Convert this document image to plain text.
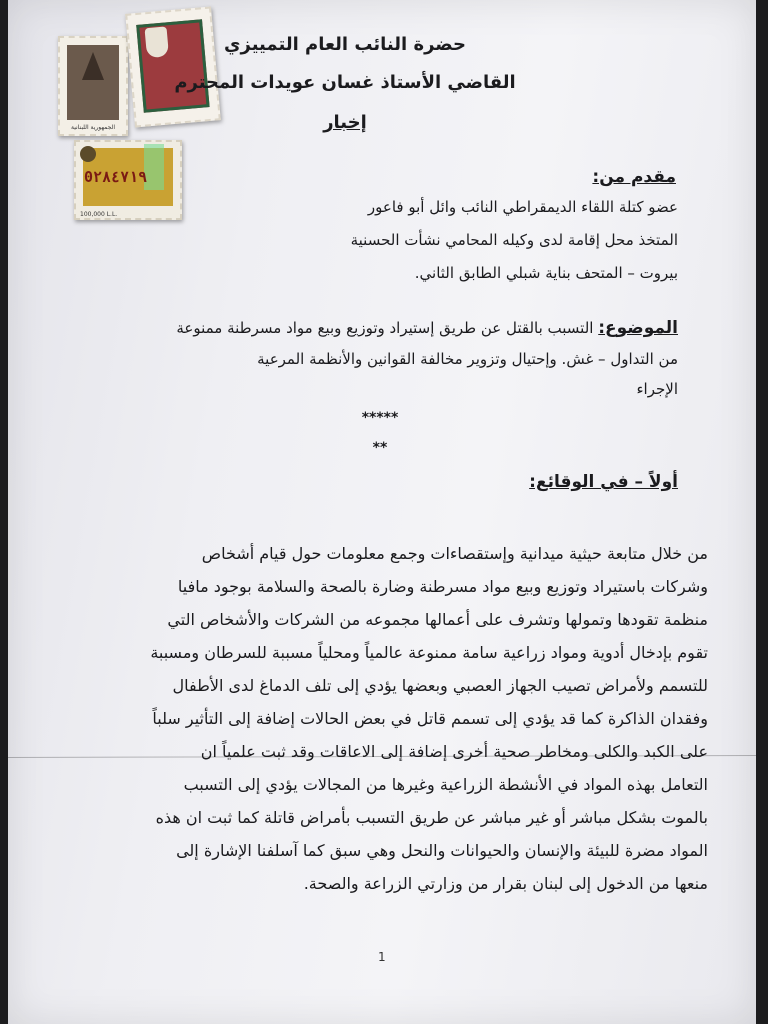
الجمهورية اللبنانية
0٢٨٤٧١٩
100,000 L.L.
حضرة النائب العام التمييزي
القاضي الأستاذ غسان عويدات المحترم
إخبار
مقدم من:
عضو كتلة اللقاء الديمقراطي النائب وائل أبو فاعور
المتخذ محل إقامة لدى وكيله المحامي نشأت الحسنية
بيروت – المتحف بناية شبلي الطابق الثاني.
الموضوع: التسبب بالقتل عن طريق إستيراد وتوزيع وبيع مواد مسرطنة ممنوعة
من التداول – غش. وإحتيال وتزوير مخالفة القوانين والأنظمة المرعية
الإجراء
*****
**
أولاً – في الوقائع:
من خلال متابعة حيثية ميدانية وإستقصاءات وجمع معلومات حول قيام أشخاص
وشركات باستيراد وتوزيع وبيع مواد مسرطنة وضارة بالصحة والسلامة بوجود مافيا
منظمة تقودها وتمولها وتشرف على أعمالها مجموعه من الشركات والأشخاص التي
تقوم بإدخال أدوية ومواد زراعية سامة ممنوعة عالمياً ومحلياً مسببة للسرطان ومسببة
للتسمم ولأمراض تصيب الجهاز العصبي وبعضها يؤدي إلى تلف الدماغ لدى الأطفال
وفقدان الذاكرة كما قد يؤدي إلى تسمم قاتل في بعض الحالات إضافة إلى التأثير سلباً
على الكبد والكلى ومخاطر صحية أخرى إضافة إلى الاعاقات وقد ثبت علمياً ان
التعامل بهذه المواد في الأنشطة الزراعية وغيرها من المجالات يؤدي إلى التسبب
بالموت بشكل مباشر أو غير مباشر عن طريق التسبب بأمراض قاتلة كما ثبت ان هذه
المواد مضرة للبيئة والإنسان والحيوانات والنحل وهي سبق كما آسلفنا الإشارة إلى
منعها من الدخول إلى لبنان بقرار من وزارتي الزراعة والصحة.
1
